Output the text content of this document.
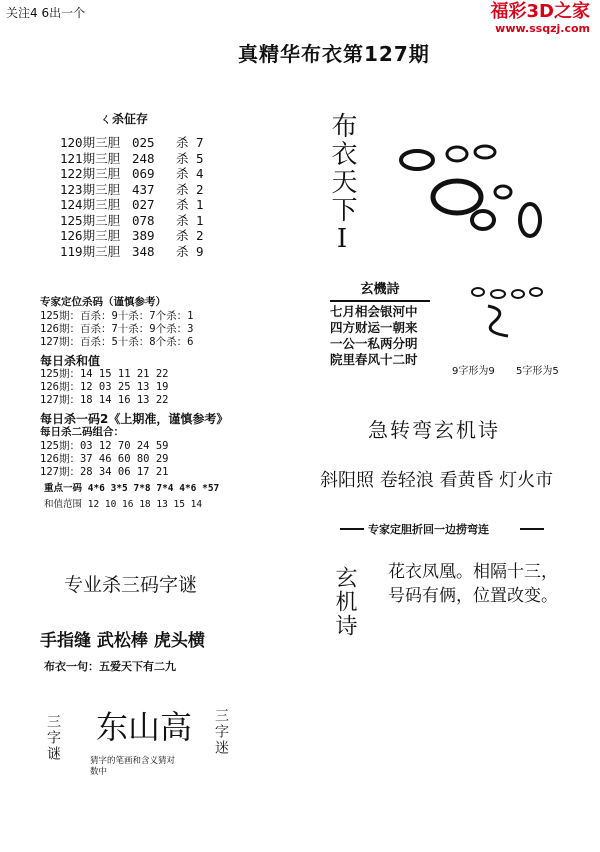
关注4 6出一个	福彩3D之家
www.ssqzj.com
真精华布衣第127期
ㄑ杀佂存
120期三胆 025 杀 7
121期三胆 248 杀 5
122期三胆 069 杀 4
123期三胆 437 杀 2
124期三胆 027 杀 1
125期三胆 078 杀 1
126期三胆 389 杀 2
119期三胆 348 杀 9
专家定位杀码（谨慎参考）
125期：百杀：9十杀：7个杀：1
126期：百杀：7十杀：9个杀：3
127期：百杀：5十杀：8个杀：6
每日杀和值
125期：14 15 11 21 22
126期：12 03 25 13 19
127期：18 14 16 13 22
每日杀一码2《上期准，谨慎参考》
每日杀二码组合：
125期：03 12 70 24 59
126期：37 46 60 80 29
127期：28 34 06 17 21
重点一码 4*6 3*5 7*8 7*4 4*6 *57
和值范围 12 10 16 18 13 15 14
布衣天下Ⅰ
玄機詩
七月相会银河中
四方财运一朝来
一公一私两分明
院里春风十二时
9字形为9 5字形为5
急转弯玄机诗
斜阳照 卷轻浪 看黄昏 灯火市
专家定胆折回一边捞弯连
玄机诗 花衣凤凰。相隔十三，
号码有俩，位置改变。
专业杀三码字谜
手指缝 武松棒 虎头横
布衣一句：五爱天下有二九
三字谜 东山高
猜字的笔画和含义猜对数中
三字迷
